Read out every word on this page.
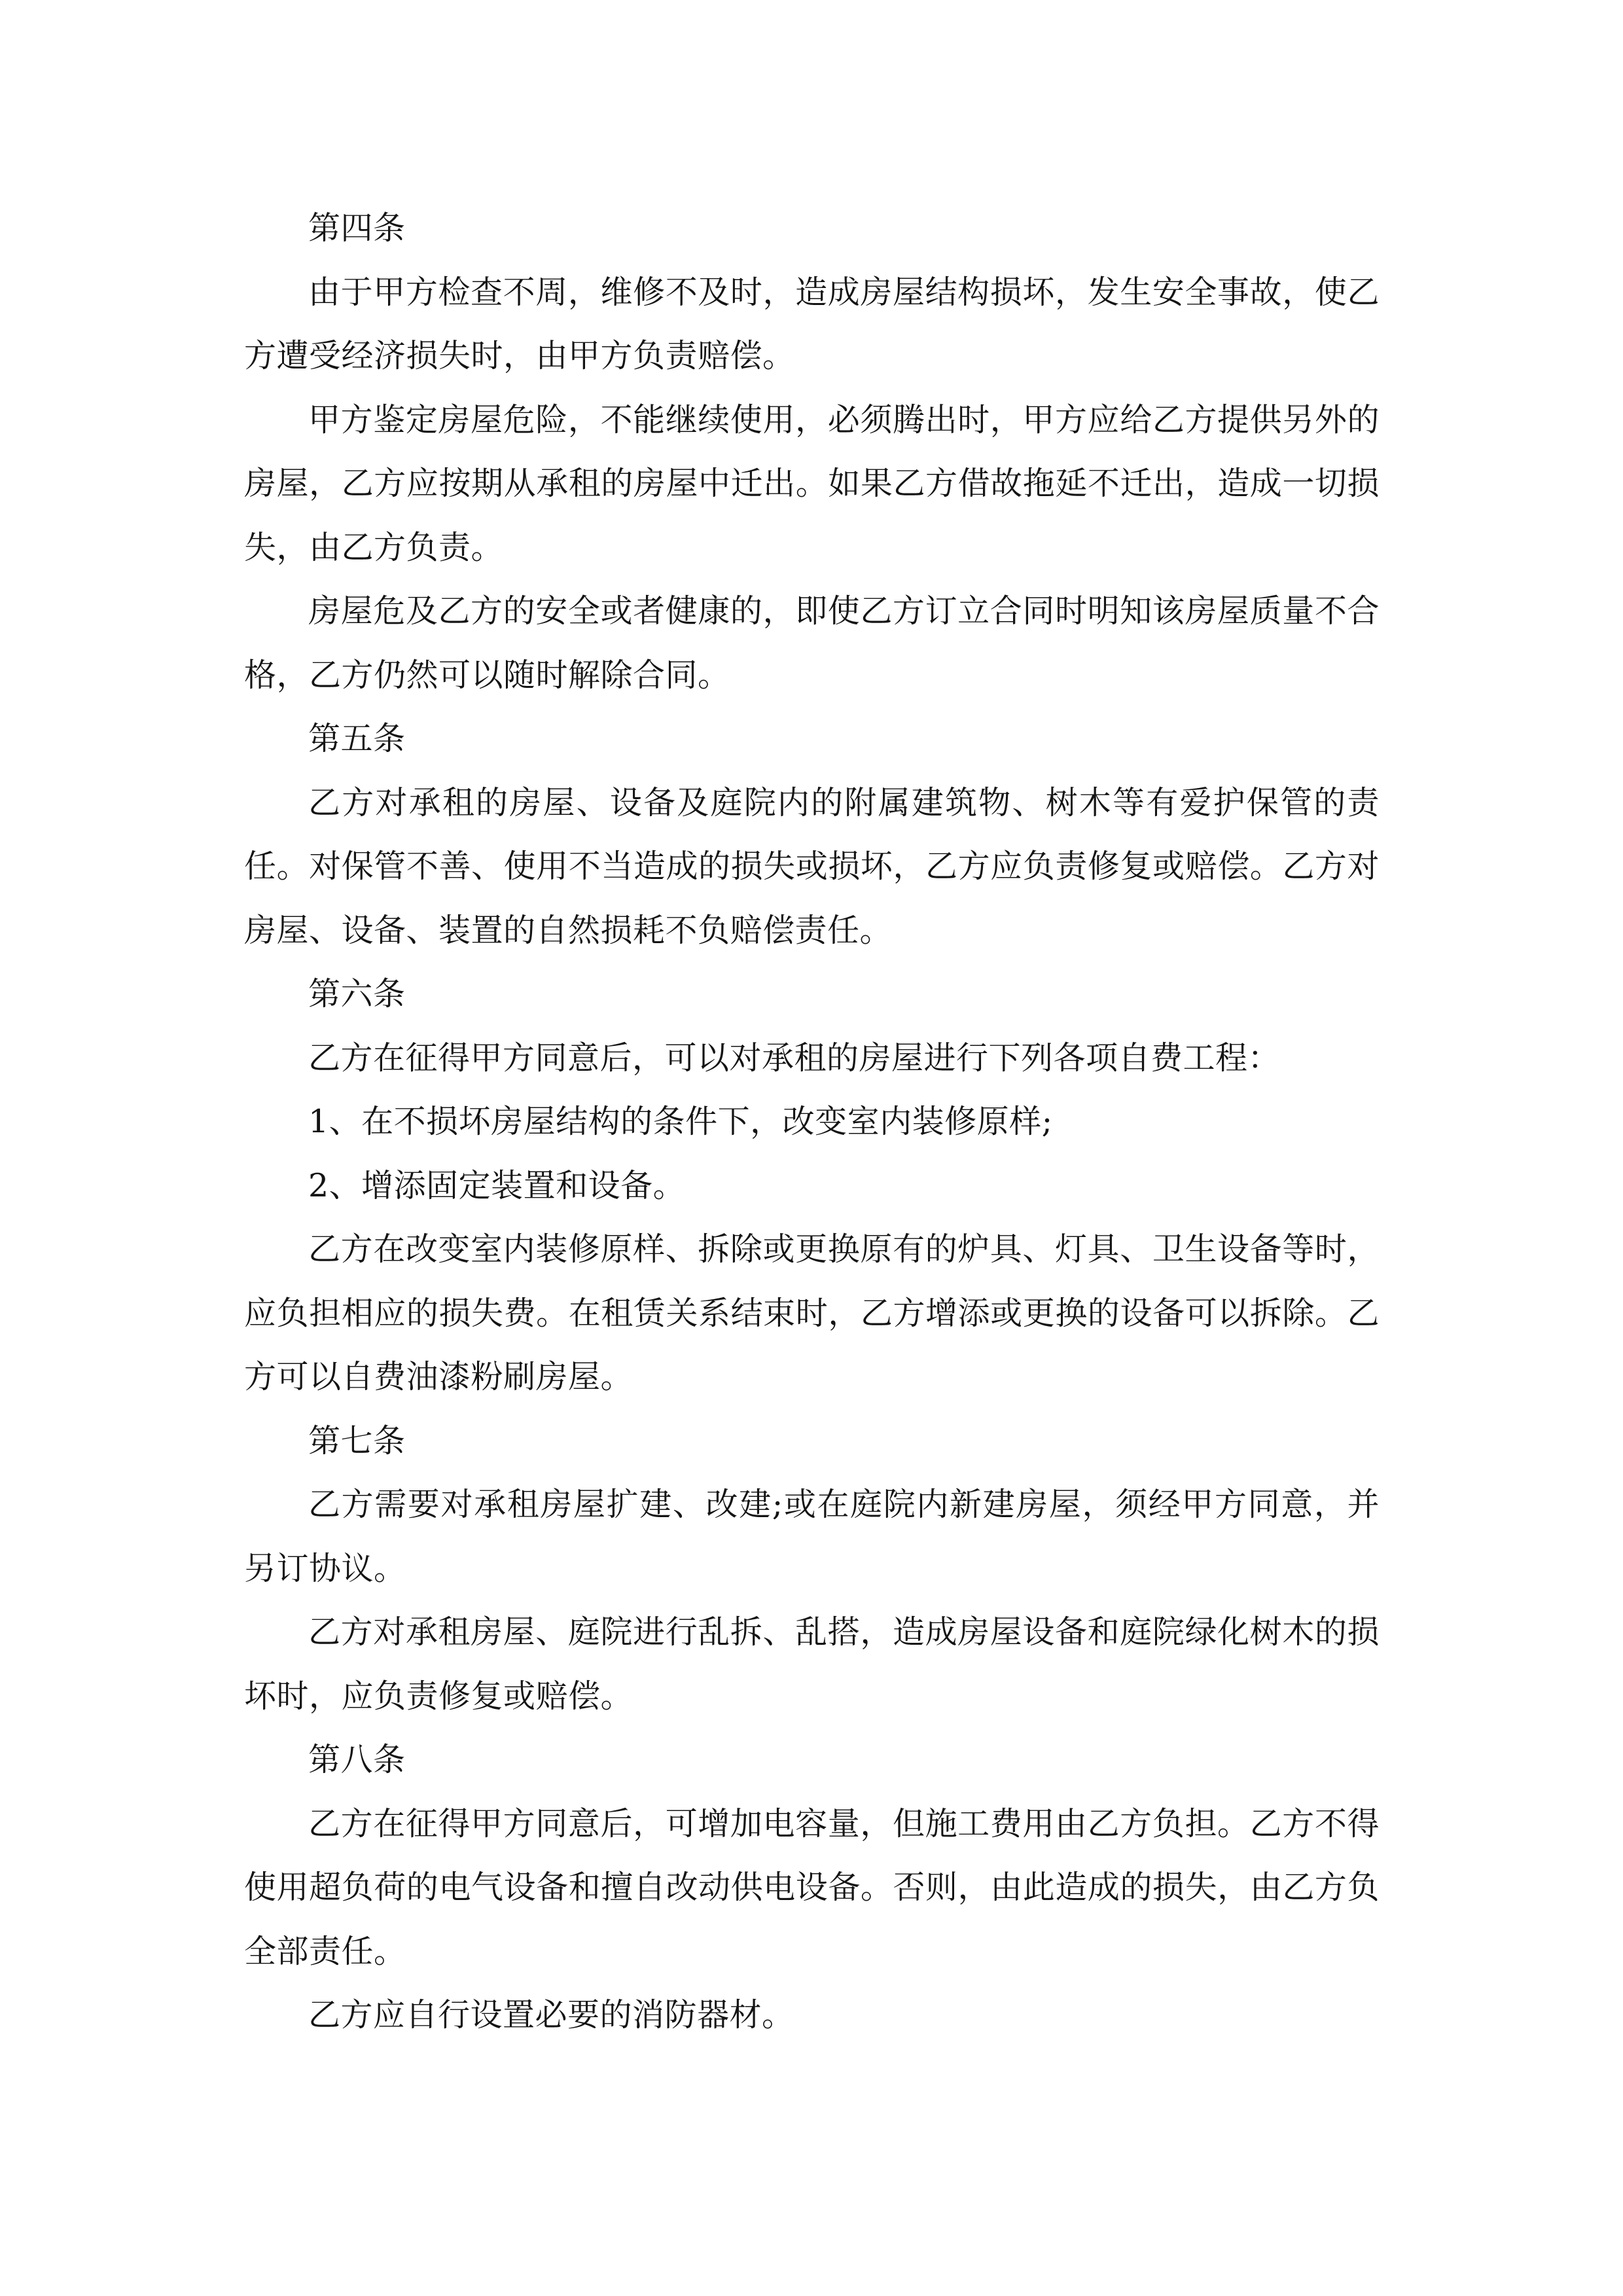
第四条

由于甲方检查不周，维修不及时，造成房屋结构损坏，发生安全事故，使乙方遭受经济损失时，由甲方负责赔偿。

甲方鉴定房屋危险，不能继续使用，必须腾出时，甲方应给乙方提供另外的房屋，乙方应按期从承租的房屋中迁出。如果乙方借故拖延不迁出，造成一切损失，由乙方负责。

房屋危及乙方的安全或者健康的，即使乙方订立合同时明知该房屋质量不合格，乙方仍然可以随时解除合同。

第五条

乙方对承租的房屋、设备及庭院内的附属建筑物、树木等有爱护保管的责任。对保管不善、使用不当造成的损失或损坏，乙方应负责修复或赔偿。乙方对房屋、设备、装置的自然损耗不负赔偿责任。

第六条

乙方在征得甲方同意后，可以对承租的房屋进行下列各项自费工程：

1、在不损坏房屋结构的条件下，改变室内装修原样;

2、增添固定装置和设备。

乙方在改变室内装修原样、拆除或更换原有的炉具、灯具、卫生设备等时，应负担相应的损失费。在租赁关系结束时，乙方增添或更换的设备可以拆除。乙方可以自费油漆粉刷房屋。

第七条

乙方需要对承租房屋扩建、改建;或在庭院内新建房屋，须经甲方同意，并另订协议。

乙方对承租房屋、庭院进行乱拆、乱搭，造成房屋设备和庭院绿化树木的损坏时，应负责修复或赔偿。

第八条

乙方在征得甲方同意后，可增加电容量，但施工费用由乙方负担。乙方不得使用超负荷的电气设备和擅自改动供电设备。否则，由此造成的损失，由乙方负全部责任。

乙方应自行设置必要的消防器材。
